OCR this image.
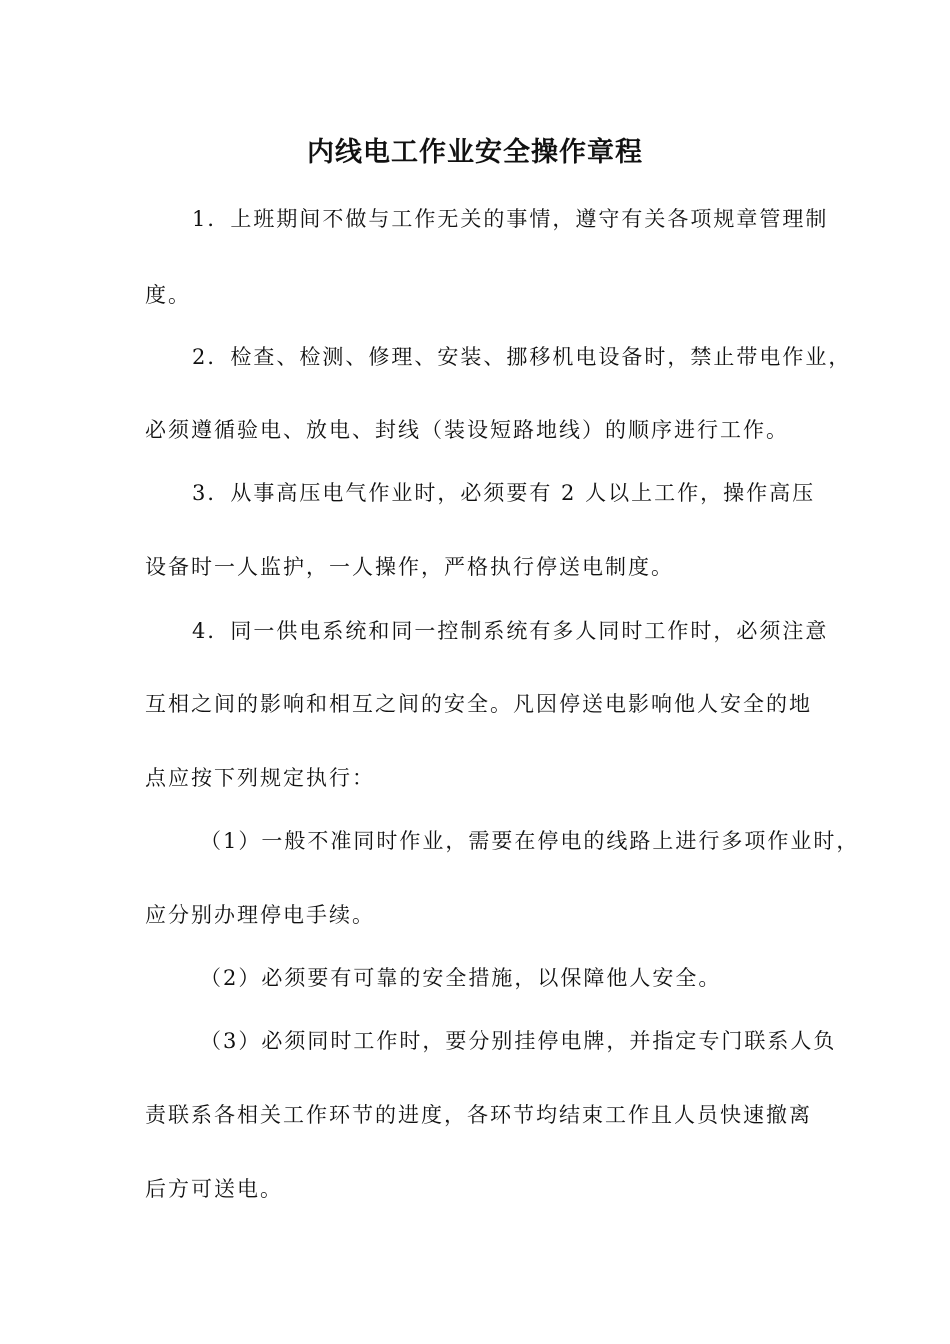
内线电工作业安全操作章程
1．上班期间不做与工作无关的事情，遵守有关各项规章管理制
度。
2．检查、检测、修理、安装、挪移机电设备时，禁止带电作业，
必须遵循验电、放电、封线（装设短路地线）的顺序进行工作。
3．从事高压电气作业时，必须要有 2 人以上工作，操作高压
设备时一人监护，一人操作，严格执行停送电制度。
4．同一供电系统和同一控制系统有多人同时工作时，必须注意
互相之间的影响和相互之间的安全。凡因停送电影响他人安全的地
点应按下列规定执行：
（1）一般不准同时作业，需要在停电的线路上进行多项作业时，
应分别办理停电手续。
（2）必须要有可靠的安全措施，以保障他人安全。
（3）必须同时工作时，要分别挂停电牌，并指定专门联系人负
责联系各相关工作环节的进度，各环节均结束工作且人员快速撤离
后方可送电。
